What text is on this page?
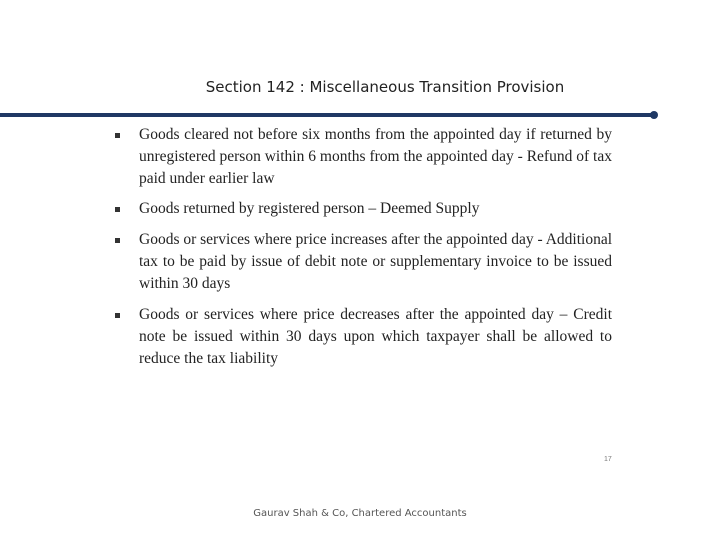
Section 142 : Miscellaneous Transition Provision
Goods cleared not before six months from the appointed day if returned by unregistered person within 6 months from the appointed day - Refund of tax paid under earlier law
Goods returned by registered person – Deemed Supply
Goods or services where price increases after the appointed day - Additional tax to be paid by issue of debit note or supplementary invoice to be issued within 30 days
Goods or services where price decreases after the appointed day – Credit note be issued within 30 days upon which taxpayer shall be allowed to reduce the tax liability
17
Gaurav Shah & Co, Chartered Accountants
